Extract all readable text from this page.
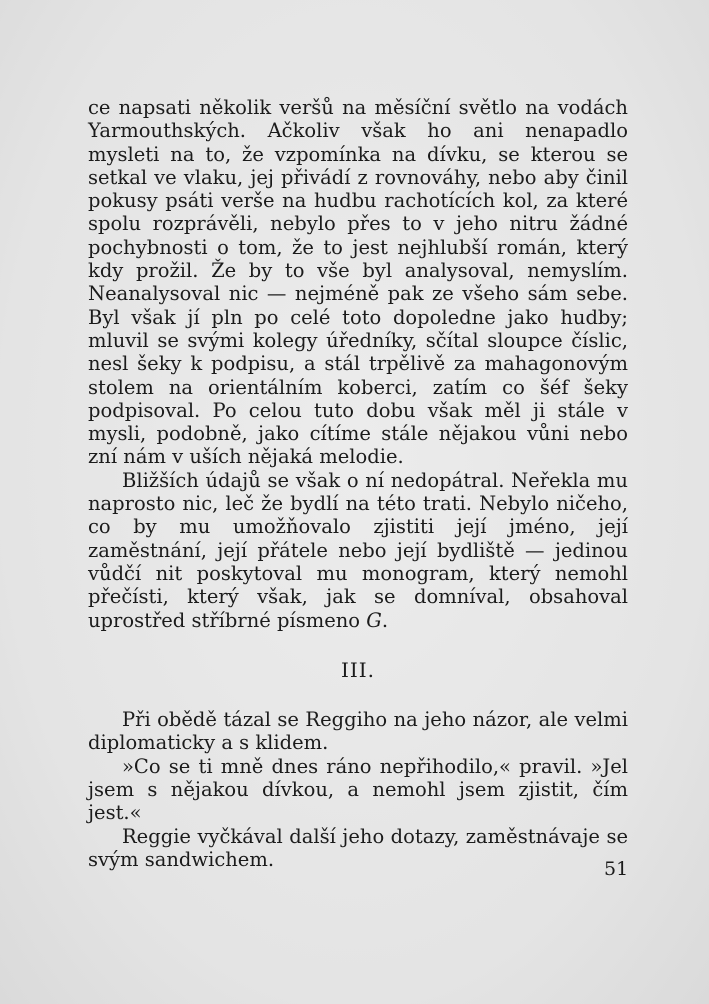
ce napsati několik veršů na měsíční světlo na vodách Yarmouthských. Ačkoliv však ho ani nenapadlo mysleti na to, že vzpomínka na dívku, se kterou se setkal ve vlaku, jej přivádí z rovnováhy, nebo aby činil pokusy psáti verše na hudbu rachotících kol, za které spolu rozprávěli, nebylo přes to v jeho nitru žádné pochybnosti o tom, že to jest nejhlubší román, který kdy prožil. Že by to vše byl analysoval, nemyslím. Neanalysoval nic — nejméně pak ze všeho sám sebe. Byl však jí pln po celé toto dopoledne jako hudby; mluvil se svými kolegy úředníky, sčítal sloupce číslic, nesl šeky k podpisu, a stál trpělivě za mahagonovým stolem na orientálním koberci, zatím co šéf šeky podpisoval. Po celou tuto dobu však měl ji stále v mysli, podobně, jako cítíme stále nějakou vůni nebo zní nám v uších nějaká melodie.

Bližších údajů se však o ní nedopátral. Neřekla mu naprosto nic, leč že bydlí na této trati. Nebylo ničeho, co by mu umožňovalo zjistiti její jméno, její zaměstnání, její přátele nebo její bydliště — jedinou vůdčí nit poskytoval mu monogram, který nemohl přečísti, který však, jak se domníval, obsahoval uprostřed stříbrné písmeno G.

III.

Při obědě tázal se Reggiho na jeho názor, ale velmi diplomaticky a s klidem.

»Co se ti mně dnes ráno nepřihodilo,« pravil. »Jel jsem s nějakou dívkou, a nemohl jsem zjistit, čím jest.«

Reggie vyčkával další jeho dotazy, zaměstnávaje se svým sandwichem.	51
